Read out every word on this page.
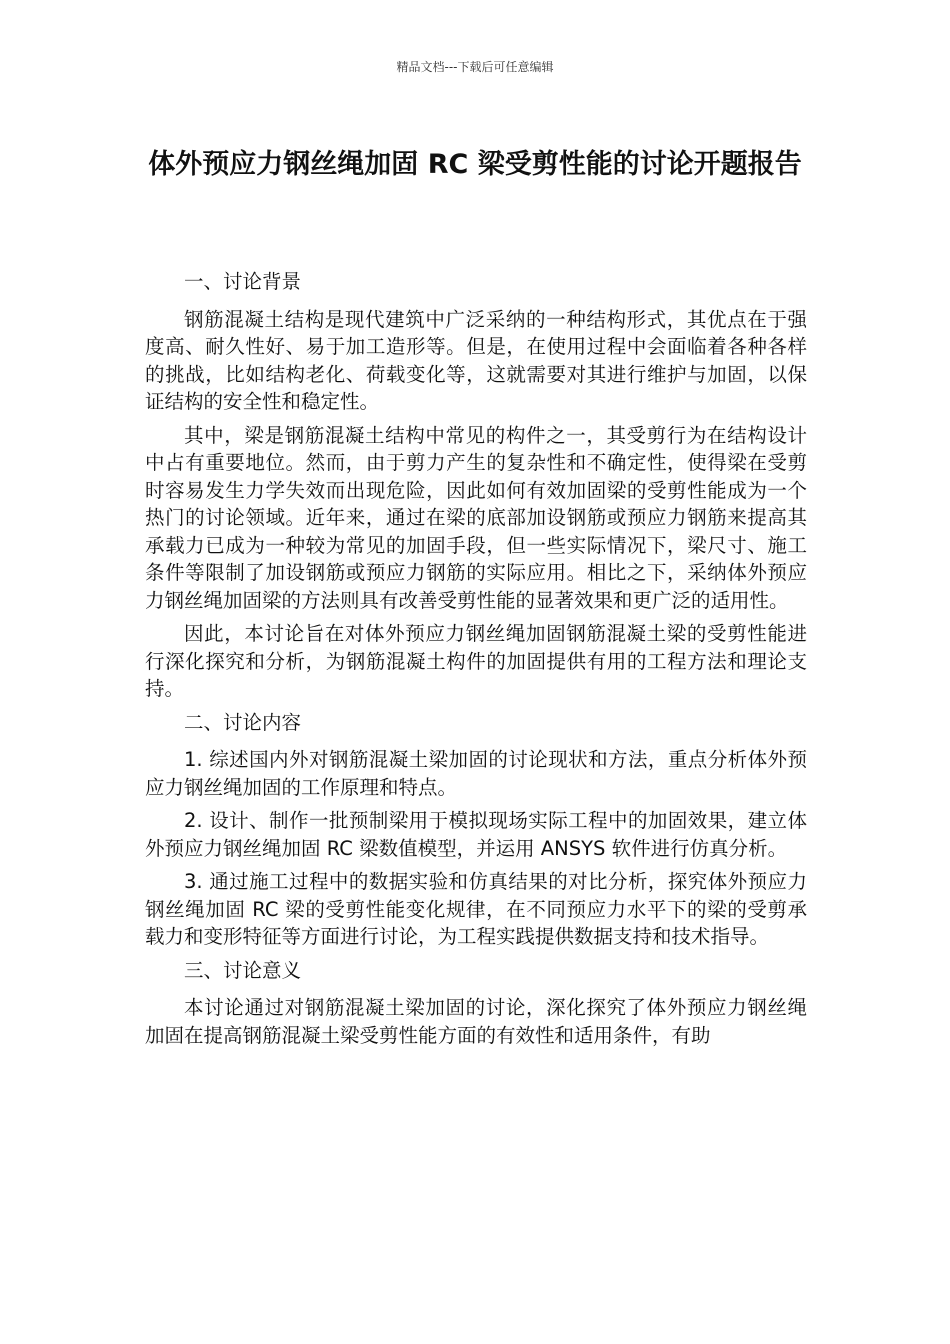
精品文档---下载后可任意编辑
体外预应力钢丝绳加固 RC 梁受剪性能的讨论开题报告

一、讨论背景

钢筋混凝土结构是现代建筑中广泛采纳的一种结构形式，其优点在于强度高、耐久性好、易于加工造形等。但是，在使用过程中会面临着各种各样的挑战，比如结构老化、荷载变化等，这就需要对其进行维护与加固，以保证结构的安全性和稳定性。

其中，梁是钢筋混凝土结构中常见的构件之一，其受剪行为在结构设计中占有重要地位。然而，由于剪力产生的复杂性和不确定性，使得梁在受剪时容易发生力学失效而出现危险，因此如何有效加固梁的受剪性能成为一个热门的讨论领域。近年来，通过在梁的底部加设钢筋或预应力钢筋来提高其承载力已成为一种较为常见的加固手段，但一些实际情况下，梁尺寸、施工条件等限制了加设钢筋或预应力钢筋的实际应用。相比之下，采纳体外预应力钢丝绳加固梁的方法则具有改善受剪性能的显著效果和更广泛的适用性。

因此，本讨论旨在对体外预应力钢丝绳加固钢筋混凝土梁的受剪性能进行深化探究和分析，为钢筋混凝土构件的加固提供有用的工程方法和理论支持。

二、讨论内容

1. 综述国内外对钢筋混凝土梁加固的讨论现状和方法，重点分析体外预应力钢丝绳加固的工作原理和特点。

2. 设计、制作一批预制梁用于模拟现场实际工程中的加固效果，建立体外预应力钢丝绳加固 RC 梁数值模型，并运用 ANSYS 软件进行仿真分析。

3. 通过施工过程中的数据实验和仿真结果的对比分析，探究体外预应力钢丝绳加固 RC 梁的受剪性能变化规律，在不同预应力水平下的梁的受剪承载力和变形特征等方面进行讨论，为工程实践提供数据支持和技术指导。

三、讨论意义

本讨论通过对钢筋混凝土梁加固的讨论，深化探究了体外预应力钢丝绳加固在提高钢筋混凝土梁受剪性能方面的有效性和适用条件，有助
